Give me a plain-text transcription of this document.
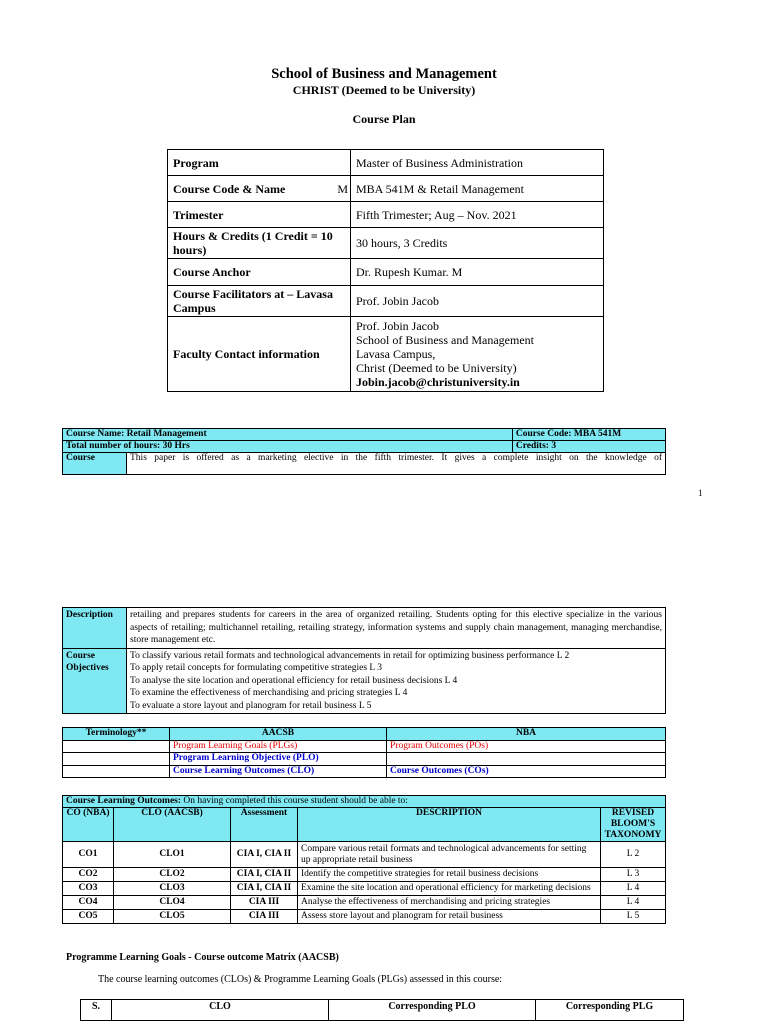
School of Business and Management
CHRIST (Deemed to be University)
Course Plan
Program	Master of Business Administration
Course Code & Name M	MBA 541M & Retail Management
Trimester	Fifth Trimester; Aug – Nov. 2021
Hours & Credits (1 Credit = 10 hours)	30 hours, 3 Credits
Course Anchor	Dr. Rupesh Kumar. M
Course Facilitators at – Lavasa Campus	Prof. Jobin Jacob
Faculty Contact information	Prof. Jobin Jacob
School of Business and Management
Lavasa Campus,
Christ (Deemed to be University)
Jobin.jacob@christuniversity.in
Course Name: Retail Management		Course Code: MBA 541M
Total number of hours: 30 Hrs		Credits: 3
Course	This paper is offered as a marketing elective in the fifth trimester. It gives a complete insight on the knowledge of	
1
Description	retailing and prepares students for careers in the area of organized retailing. Students opting for this elective specialize in the various aspects of retailing; multichannel retailing, retailing strategy, information systems and supply chain management, managing merchandise, store management etc.
Course Objectives	To classify various retail formats and technological advancements in retail for optimizing business performance L 2
To apply retail concepts for formulating competitive strategies L 3
To analyse the site location and operational efficiency for retail business decisions L 4
To examine the effectiveness of merchandising and pricing strategies L 4
To evaluate a store layout and planogram for retail business L 5
Terminology**	AACSB	NBA
	Program Learning Goals (PLGs)	Program Outcomes (POs)
	Program Learning Objective (PLO)	
	Course Learning Outcomes (CLO)	Course Outcomes (COs)
Course Learning Outcomes: On having completed this course student should be able to:				
CO (NBA)	CLO (AACSB)	Assessment	DESCRIPTION	REVISED BLOOM'S TAXONOMY
CO1	CLO1	CIA I, CIA II	Compare various retail formats and technological advancements for setting up appropriate retail business	L 2
CO2	CLO2	CIA I, CIA II	Identify the competitive strategies for retail business decisions	L 3
CO3	CLO3	CIA I, CIA II	Examine the site location and operational efficiency for marketing decisions	L 4
CO4	CLO4	CIA III	Analyse the effectiveness of merchandising and pricing strategies	L 4
CO5	CLO5	CIA III	Assess store layout and planogram for retail business	L 5
Programme Learning Goals - Course outcome Matrix (AACSB)
The course learning outcomes (CLOs) & Programme Learning Goals (PLGs) assessed in this course:
S.	CLO	Corresponding PLO	Corresponding PLG
